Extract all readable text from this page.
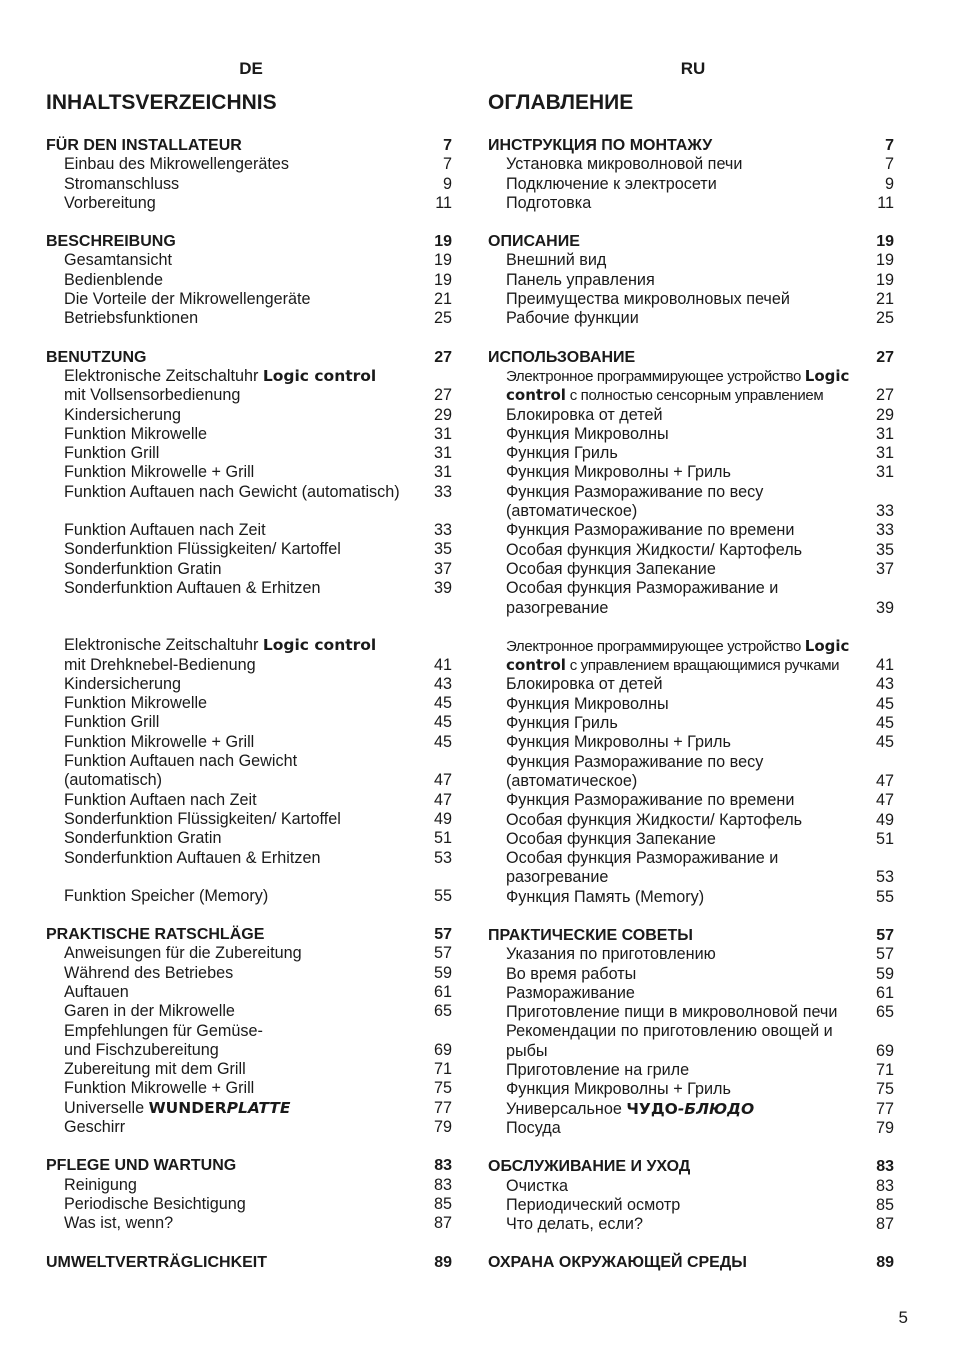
DE
INHALTSVERZEICHNIS
FÜR DEN INSTALLATEUR	7
Einbau des Mikrowellengerätes	7
Stromanschluss	9
Vorbereitung	11
BESCHREIBUNG	19
Gesamtansicht	19
Bedienblende	19
Die Vorteile der Mikrowellengeräte	21
Betriebsfunktionen	25
BENUTZUNG	27
Elektronische Zeitschaltuhr Logic control
mit Vollsensorbedienung	27
Kindersicherung	29
Funktion Mikrowelle	31
Funktion Grill	31
Funktion Mikrowelle + Grill	31
Funktion Auftauen nach Gewicht (automatisch)	33
Funktion Auftauen nach Zeit	33
Sonderfunktion Flüssigkeiten/ Kartoffel	35
Sonderfunktion Gratin	37
Sonderfunktion Auftauen & Erhitzen	39
Elektronische Zeitschaltuhr Logic control
mit Drehknebel-Bedienung	41
Kindersicherung	43
Funktion Mikrowelle	45
Funktion Grill	45
Funktion Mikrowelle + Grill	45
Funktion Auftauen nach Gewicht
(automatisch)	47
Funktion Auftaen nach Zeit	47
Sonderfunktion Flüssigkeiten/ Kartoffel	49
Sonderfunktion Gratin	51
Sonderfunktion Auftauen & Erhitzen	53
Funktion Speicher (Memory)	55
PRAKTISCHE RATSCHLÄGE	57
Anweisungen für die Zubereitung	57
Während des Betriebes	59
Auftauen	61
Garen in der Mikrowelle	65
Empfehlungen für Gemüse-
und Fischzubereitung	69
Zubereitung mit dem Grill	71
Funktion Mikrowelle + Grill	75
Universelle WUNDERPLATTE	77
Geschirr	79
PFLEGE UND WARTUNG	83
Reinigung	83
Periodische Besichtigung	85
Was ist, wenn?	87
UMWELTVERTRÄGLICHKEIT	89
RU
ОГЛАВЛЕНИЕ
ИНСТРУКЦИЯ ПО МОНТАЖУ	7
Установка микроволновой печи	7
Подключение к электросети	9
Подготовка	11
ОПИСАНИЕ	19
Внешний вид	19
Панель управления	19
Преимущества микроволновых печей	21
Рабочие функции	25
ИСПОЛЬЗОВАНИЕ	27
Электронное программирующее устройство Logic
control с полностью сенсорным управлением	27
Блокировка от детей	29
Функция Микроволны	31
Функция Гриль	31
Функция Микроволны + Гриль	31
Функция Размораживание по весу
(автоматическое)	33
Функция Размораживание по времени	33
Особая функция Жидкости/ Картофель	35
Особая функция Запекание	37
Особая функция Размораживание и
разогревание	39
Электронное программирующее устройство Logic
control с управлением вращающимися ручками	41
Блокировка от детей	43
Функция Микроволны	45
Функция Гриль	45
Функция Микроволны + Гриль	45
Функция Размораживание по весу
(автоматическое)	47
Функция Размораживание по времени	47
Особая функция Жидкости/ Картофель	49
Особая функция Запекание	51
Особая функция Размораживание и
разогревание	53
Функция Память (Memory)	55
ПРАКТИЧЕСКИЕ СОВЕТЫ	57
Указания по приготовлению	57
Во время работы	59
Размораживание	61
Приготовление пищи в микроволновой печи	65
Рекомендации по приготовлению овощей и
рыбы	69
Приготовление на гриле	71
Функция Микроволны + Гриль	75
Универсальное ЧУДО-БЛЮДО	77
Посуда	79
ОБСЛУЖИВАНИЕ И УХОД	83
Очистка	83
Периодический осмотр	85
Что делать, если?	87
ОХРАНА ОКРУЖАЮЩЕЙ СРЕДЫ	89
5
